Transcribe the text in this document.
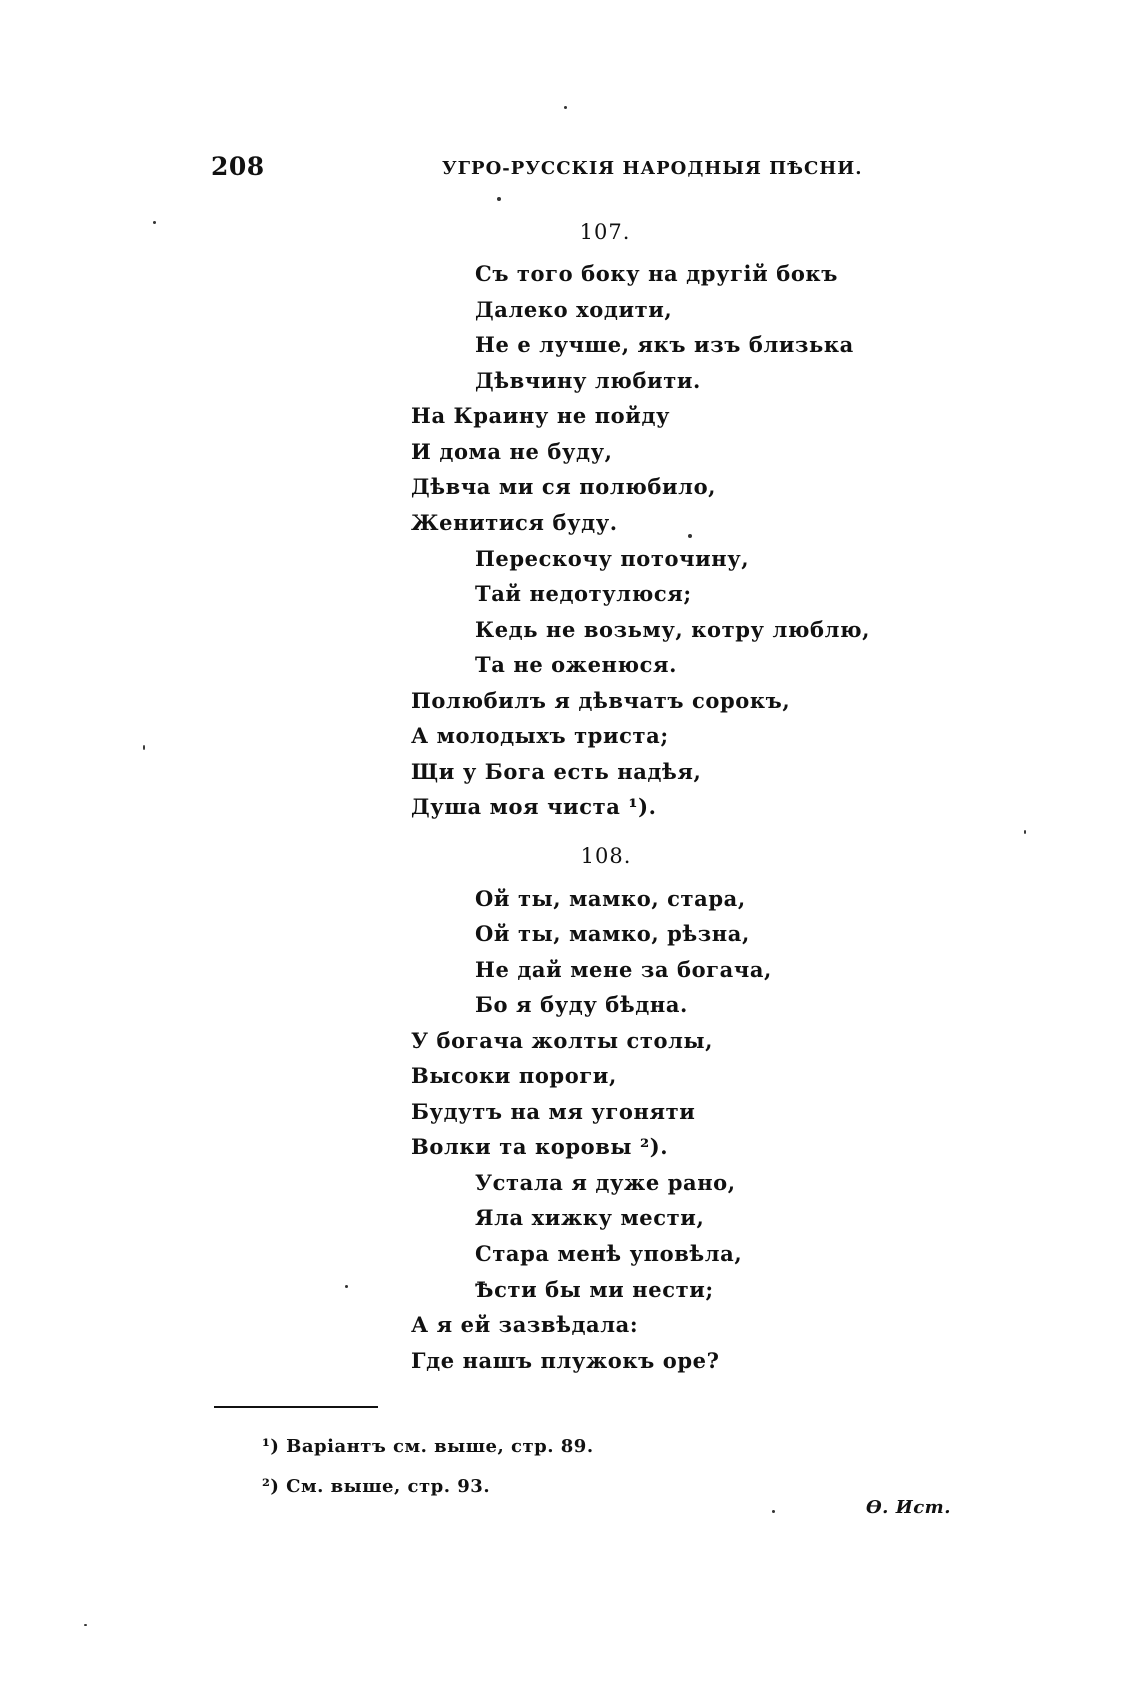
208	УГРО-РУССКІЯ НАРОДНЫЯ ПѢСНИ.
107.
Съ того боку на другій бокъ
Далеко ходити,
Не е лучше, якъ изъ близька
Дѣвчину любити.
На Краину не пойду
И дома не буду,
Дѣвча ми ся полюбило,
Женитися буду.
Перескочу поточину,
Тай недотулюся;
Кедь не возьму, котру люблю,
Та не оженюся.
Полюбилъ я дѣвчатъ сорокъ,
А молодыхъ триста;
Щи у Бога есть надѣя,
Душа моя чиста ¹).
108.
Ой ты, мамко, стара,
Ой ты, мамко, рѣзна,
Не дай мене за богача,
Бо я буду бѣдна.
У богача жолты столы,
Высоки пороги,
Будутъ на мя угоняти
Волки та коровы ²).
Устала я дуже рано,
Яла хижку мести,
Стара менѣ уповѣла,
Ѣсти бы ми нести;
А я ей зазвѣдала:
Где нашъ плужокъ оре?
¹) Варіантъ см. выше, стр. 89.
²) См. выше, стр. 93.
Ѳ. Ист.
